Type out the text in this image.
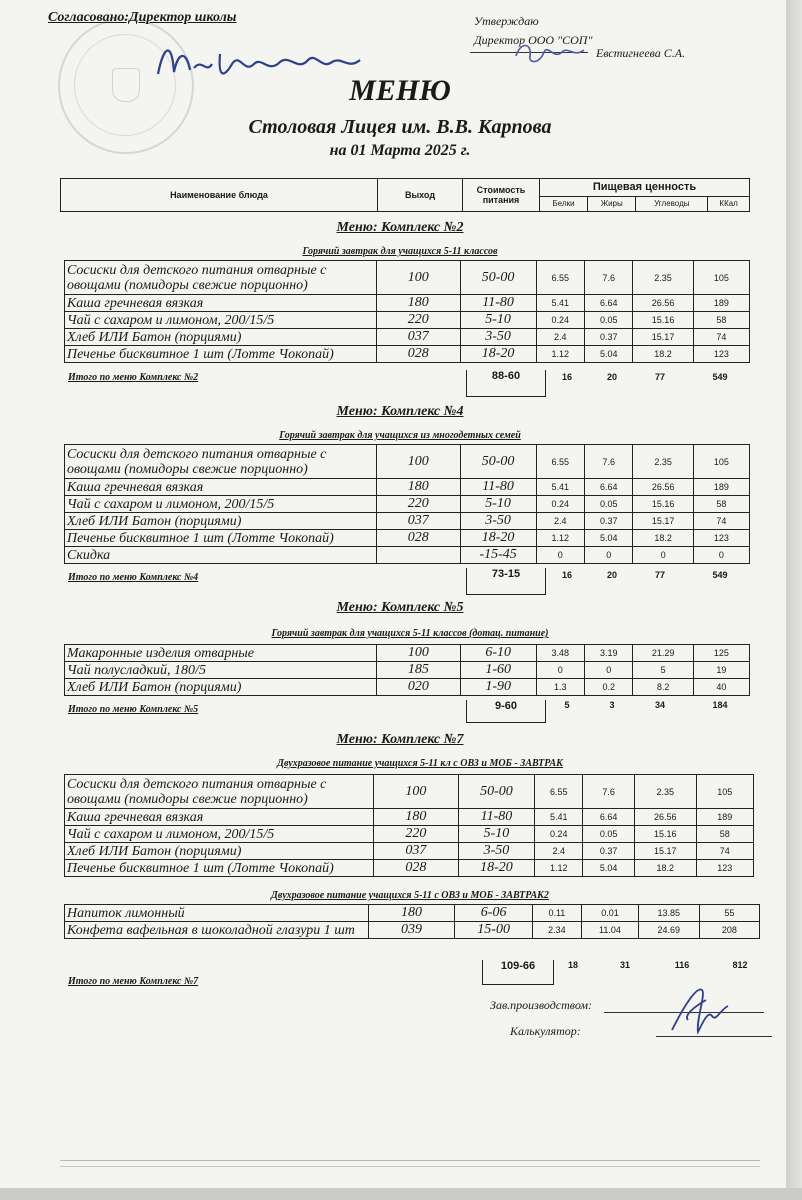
Согласовано:Директор школы	Утверждаю
Директор ООО "СОП"
Евстигнеева С.А.
МЕНЮ
Столовая Лицея им. В.В. Карпова
на 01 Марта 2025 г.
Наименование блюда	Выход	Стоимость питания	Пищевая ценность			
			Белки	Жиры	Углеводы	ККал
Меню: Комплекс №2
Горячий завтрак для учащихся 5-11 классов
Сосиски для детского питания отварные с овощами (помидоры свежие порционно)	100	50-00	6.55	7.6	2.35	105
Каша гречневая вязкая	180	11-80	5.41	6.64	26.56	189
Чай с сахаром и лимоном, 200/15/5	220	5-10	0.24	0.05	15.16	58
Хлеб ИЛИ Батон (порциями)	037	3-50	2.4	0.37	15.17	74
Печенье бисквитное 1 шт (Лотте Чокопай)	028	18-20	1.12	5.04	18.2	123
Итого по меню Комплекс №2	88-60	16	20	77	549
Меню: Комплекс №4
Горячий завтрак для учащихся из многодетных семей
Сосиски для детского питания отварные с овощами (помидоры свежие порционно)	100	50-00	6.55	7.6	2.35	105
Каша гречневая вязкая	180	11-80	5.41	6.64	26.56	189
Чай с сахаром и лимоном, 200/15/5	220	5-10	0.24	0.05	15.16	58
Хлеб ИЛИ Батон (порциями)	037	3-50	2.4	0.37	15.17	74
Печенье бисквитное 1 шт (Лотте Чокопай)	028	18-20	1.12	5.04	18.2	123
Скидка		-15-45	0	0	0	0
Итого по меню Комплекс №4	73-15	16	20	77	549
Меню: Комплекс №5
Горячий завтрак для учащихся 5-11 классов (дотац. питание)
Макаронные изделия отварные	100	6-10	3.48	3.19	21.29	125
Чай полусладкий, 180/5	185	1-60	0	0	5	19
Хлеб ИЛИ Батон (порциями)	020	1-90	1.3	0.2	8.2	40
Итого по меню Комплекс №5	9-60	5	3	34	184
Меню: Комплекс №7
Двухразовое питание учащихся 5-11 кл с ОВЗ и МОБ - ЗАВТРАК
Сосиски для детского питания отварные с овощами (помидоры свежие порционно)	100	50-00	6.55	7.6	2.35	105
Каша гречневая вязкая	180	11-80	5.41	6.64	26.56	189
Чай с сахаром и лимоном, 200/15/5	220	5-10	0.24	0.05	15.16	58
Хлеб ИЛИ Батон (порциями)	037	3-50	2.4	0.37	15.17	74
Печенье бисквитное 1 шт (Лотте Чокопай)	028	18-20	1.12	5.04	18.2	123
Двухразовое питание учащихся 5-11 с ОВЗ и МОБ - ЗАВТРАК2
Напиток лимонный	180	6-06	0.11	0.01	13.85	55
Конфета вафельная в шоколадной глазури 1 шт	039	15-00	2.34	11.04	24.69	208
Итого по меню Комплекс №7
109-66	18	31	116	812
Зав.производством:
Калькулятор:
